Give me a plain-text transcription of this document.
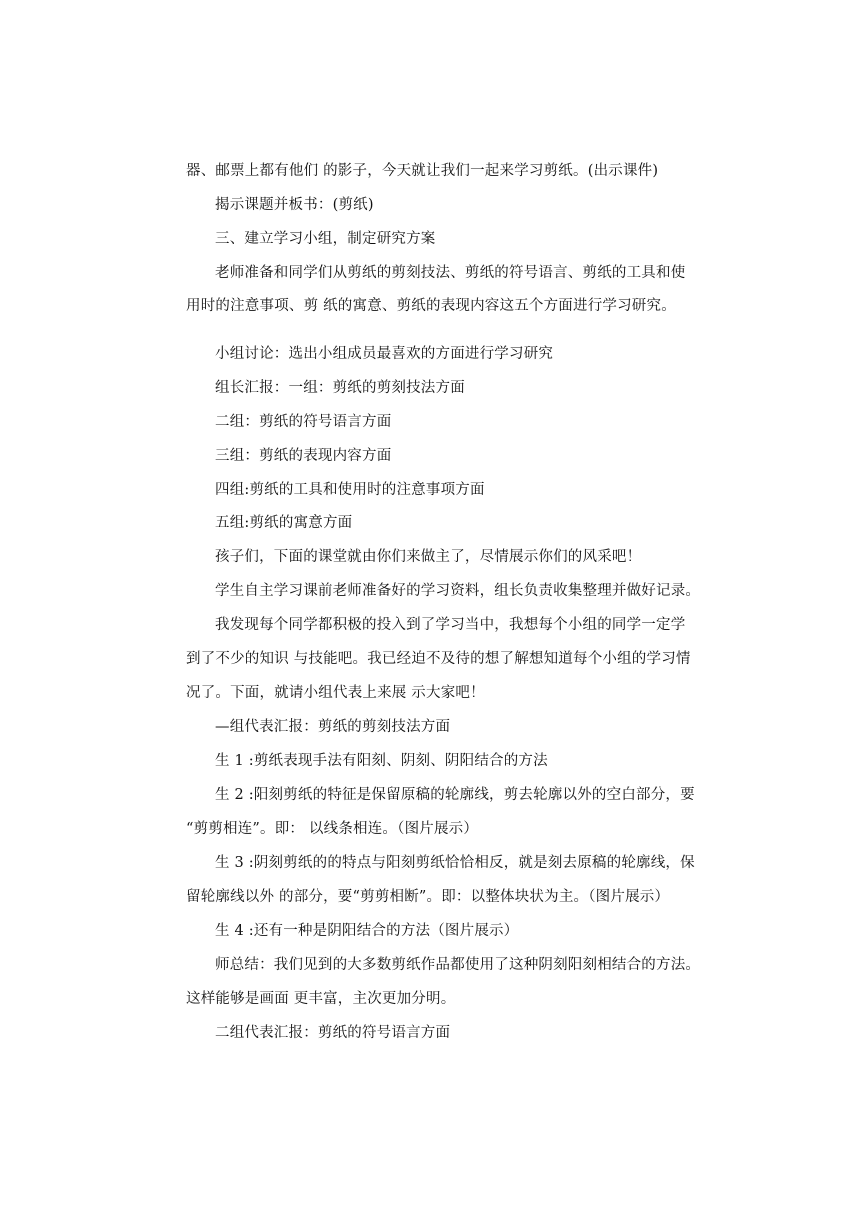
器、邮票上都有他们 的影子，今天就让我们一起来学习剪纸。(出示课件)
揭示课题并板书：(剪纸)
三、建立学习小组，制定研究方案
老师准备和同学们从剪纸的剪刻技法、剪纸的符号语言、剪纸的工具和使
用时的注意事项、剪 纸的寓意、剪纸的表现内容这五个方面进行学习研究。
小组讨论：选出小组成员最喜欢的方面进行学习研究
组长汇报：一组：剪纸的剪刻技法方面
二组：剪纸的符号语言方面
三组：剪纸的表现内容方面
四组:剪纸的工具和使用时的注意事项方面
五组:剪纸的寓意方面
孩子们，下面的课堂就由你们来做主了，尽情展示你们的风采吧！
学生自主学习课前老师准备好的学习资料，组长负责收集整理并做好记录。
我发现每个同学都积极的投入到了学习当中，我想每个小组的同学一定学
到了不少的知识 与技能吧。我已经迫不及待的想了解想知道每个小组的学习情
况了。下面，就请小组代表上来展 示大家吧！
—组代表汇报：剪纸的剪刻技法方面
生 1 :剪纸表现手法有阳刻、阴刻、阴阳结合的方法
生 2 :阳刻剪纸的特征是保留原稿的轮廓线，剪去轮廓以外的空白部分，要
“剪剪相连”。即： 以线条相连。（图片展示）
生 3 :阴刻剪纸的的特点与阳刻剪纸恰恰相反，就是刻去原稿的轮廓线，保
留轮廓线以外 的部分，要“剪剪相断”。即：以整体块状为主。（图片展示）
生 4 :还有一种是阴阳结合的方法（图片展示）
师总结：我们见到的大多数剪纸作品都使用了这种阴刻阳刻相结合的方法。
这样能够是画面 更丰富，主次更加分明。
二组代表汇报：剪纸的符号语言方面
